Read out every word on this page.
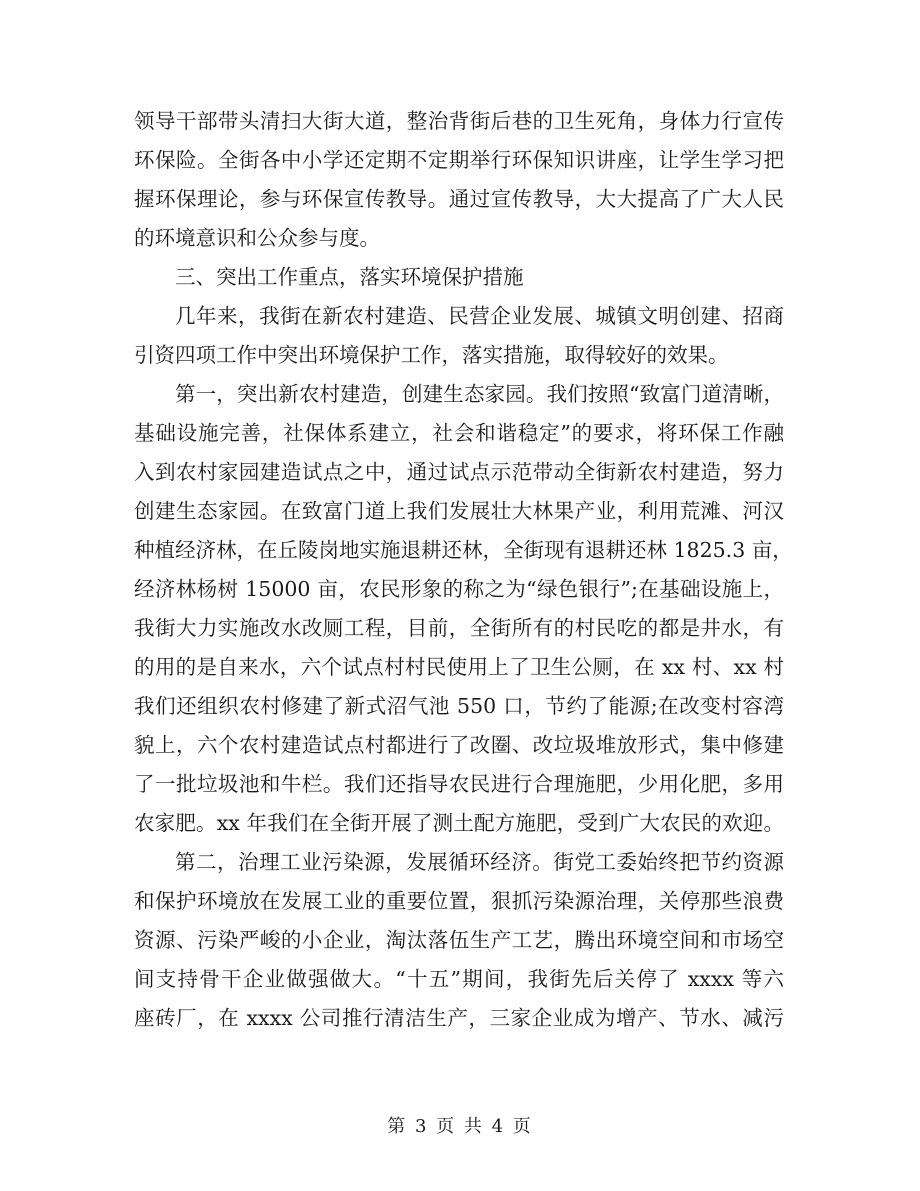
领导干部带头清扫大街大道，整治背街后巷的卫生死角，身体力行宣传
环保险。全街各中小学还定期不定期举行环保知识讲座，让学生学习把
握环保理论，参与环保宣传教导。通过宣传教导，大大提高了广大人民
的环境意识和公众参与度。
三、突出工作重点，落实环境保护措施
几年来，我街在新农村建造、民营企业发展、城镇文明创建、招商
引资四项工作中突出环境保护工作，落实措施，取得较好的效果。
第一，突出新农村建造，创建生态家园。我们按照“致富门道清晰，
基础设施完善，社保体系建立，社会和谐稳定”的要求，将环保工作融
入到农村家园建造试点之中，通过试点示范带动全街新农村建造，努力
创建生态家园。在致富门道上我们发展壮大林果产业，利用荒滩、河汉
种植经济林，在丘陵岗地实施退耕还林，全街现有退耕还林 1825.3 亩，
经济林杨树 15000 亩，农民形象的称之为“绿色银行”;在基础设施上，
我街大力实施改水改厕工程，目前，全街所有的村民吃的都是井水，有
的用的是自来水，六个试点村村民使用上了卫生公厕，在 xx 村、xx 村
我们还组织农村修建了新式沼气池 550 口，节约了能源;在改变村容湾
貌上，六个农村建造试点村都进行了改圈、改垃圾堆放形式，集中修建
了一批垃圾池和牛栏。我们还指导农民进行合理施肥，少用化肥，多用
农家肥。xx 年我们在全街开展了测土配方施肥，受到广大农民的欢迎。
第二，治理工业污染源，发展循环经济。街党工委始终把节约资源
和保护环境放在发展工业的重要位置，狠抓污染源治理，关停那些浪费
资源、污染严峻的小企业，淘汰落伍生产工艺，腾出环境空间和市场空
间支持骨干企业做强做大。“十五”期间，我街先后关停了 xxxx 等六
座砖厂，在 xxxx 公司推行清洁生产，三家企业成为增产、节水、减污
第 3 页 共 4 页
